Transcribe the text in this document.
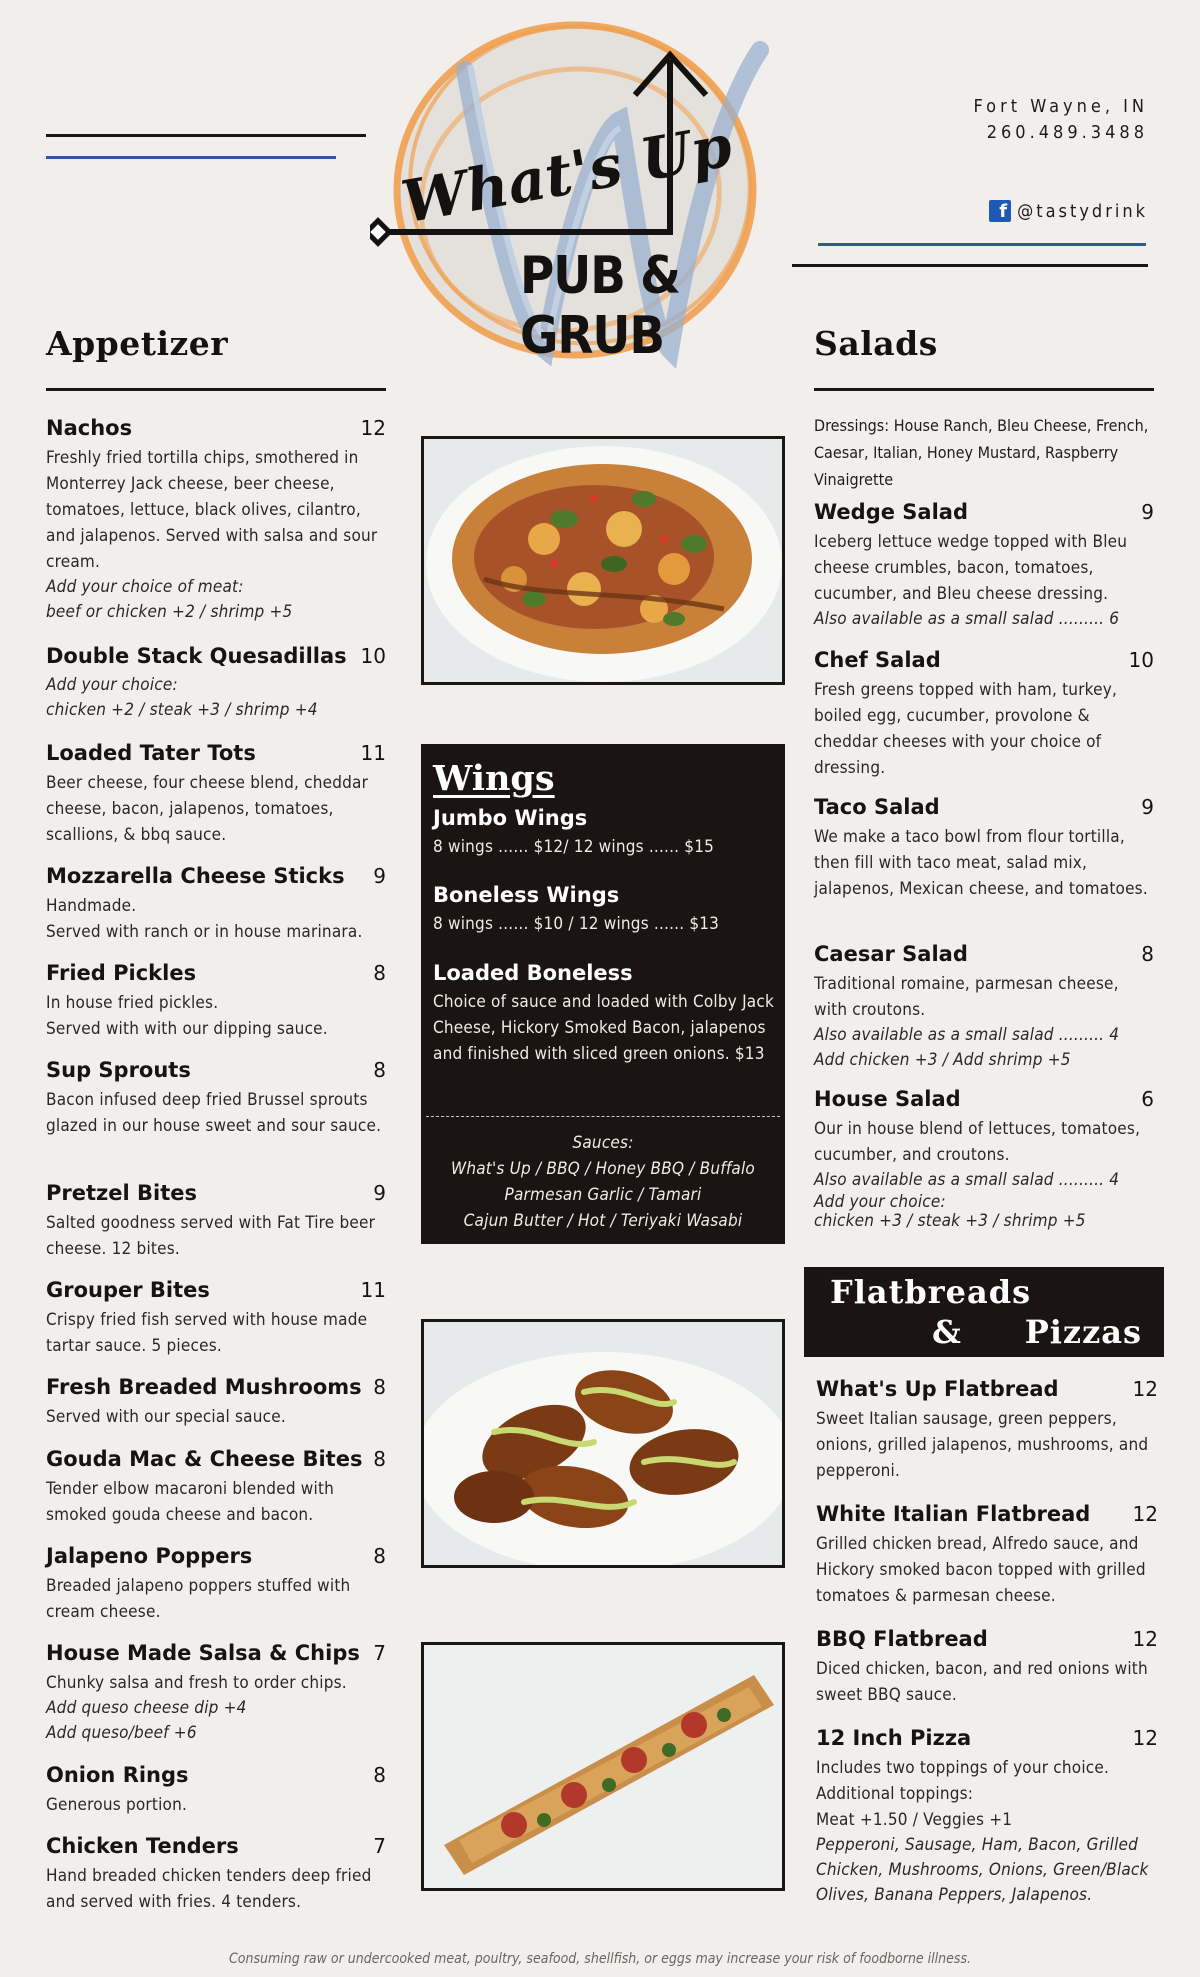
What's Up
PUB & GRUB
Fort Wayne, IN
260.489.3488
f @tastydrink
Appetizer
Nachos	12
Freshly fried tortilla chips, smothered in Monterrey Jack cheese, beer cheese, tomatoes, lettuce, black olives, cilantro, and jalapenos. Served with salsa and sour cream.
Add your choice of meat:
beef or chicken +2 / shrimp +5
Double Stack Quesadillas 10
Add your choice:
chicken +2 / steak +3 / shrimp +4
Loaded Tater Tots	11
Beer cheese, four cheese blend, cheddar cheese, bacon, jalapenos, tomatoes, scallions, & bbq sauce.
Mozzarella Cheese Sticks 9
Handmade.
Served with ranch or in house marinara.
Fried Pickles	8
In house fried pickles.
Served with with our dipping sauce.
Sup Sprouts	8
Bacon infused deep fried Brussel sprouts glazed in our house sweet and sour sauce.
Pretzel Bites	9
Salted goodness served with Fat Tire beer cheese. 12 bites.
Grouper Bites	11
Crispy fried fish served with house made tartar sauce. 5 pieces.
Fresh Breaded Mushrooms 8
Served with our special sauce.
Gouda Mac & Cheese Bites 8
Tender elbow macaroni blended with smoked gouda cheese and bacon.
Jalapeno Poppers	8
Breaded jalapeno poppers stuffed with cream cheese.
House Made Salsa & Chips 7
Chunky salsa and fresh to order chips.
Add queso cheese dip +4
Add queso/beef +6
Onion Rings	8
Generous portion.
Chicken Tenders	7
Hand breaded chicken tenders deep fried and served with fries. 4 tenders.
Wings
Jumbo Wings
8 wings ...... $12/ 12 wings ...... $15
Boneless Wings
8 wings ...... $10 / 12 wings ...... $13
Loaded Boneless
Choice of sauce and loaded with Colby Jack Cheese, Hickory Smoked Bacon, jalapenos and finished with sliced green onions. $13
Sauces:
What's Up / BBQ / Honey BBQ / Buffalo
Parmesan Garlic / Tamari
Cajun Butter / Hot / Teriyaki Wasabi
Salads
Dressings: House Ranch, Bleu Cheese, French, Caesar, Italian, Honey Mustard, Raspberry Vinaigrette
Wedge Salad	9
Iceberg lettuce wedge topped with Bleu cheese crumbles, bacon, tomatoes, cucumber, and Bleu cheese dressing.
Also available as a small salad ......... 6
Chef Salad	10
Fresh greens topped with ham, turkey, boiled egg, cucumber, provolone & cheddar cheeses with your choice of dressing.
Taco Salad	9
We make a taco bowl from flour tortilla, then fill with taco meat, salad mix, jalapenos, Mexican cheese, and tomatoes.
Caesar Salad	8
Traditional romaine, parmesan cheese, with croutons.
Also available as a small salad ......... 4
Add chicken +3 / Add shrimp +5
House Salad	6
Our in house blend of lettuces, tomatoes, cucumber, and croutons.
Also available as a small salad ......... 4
Add your choice:
chicken +3 / steak +3 / shrimp +5
Flatbreads
& Pizzas
What's Up Flatbread	12
Sweet Italian sausage, green peppers, onions, grilled jalapenos, mushrooms, and pepperoni.
White Italian Flatbread 12
Grilled chicken bread, Alfredo sauce, and Hickory smoked bacon topped with grilled tomatoes & parmesan cheese.
BBQ Flatbread	12
Diced chicken, bacon, and red onions with sweet BBQ sauce.
12 Inch Pizza	12
Includes two toppings of your choice.
Additional toppings:
Meat +1.50 / Veggies +1
Pepperoni, Sausage, Ham, Bacon, Grilled Chicken, Mushrooms, Onions, Green/Black Olives, Banana Peppers, Jalapenos.
Consuming raw or undercooked meat, poultry, seafood, shellfish, or eggs may increase your risk of foodborne illness.
